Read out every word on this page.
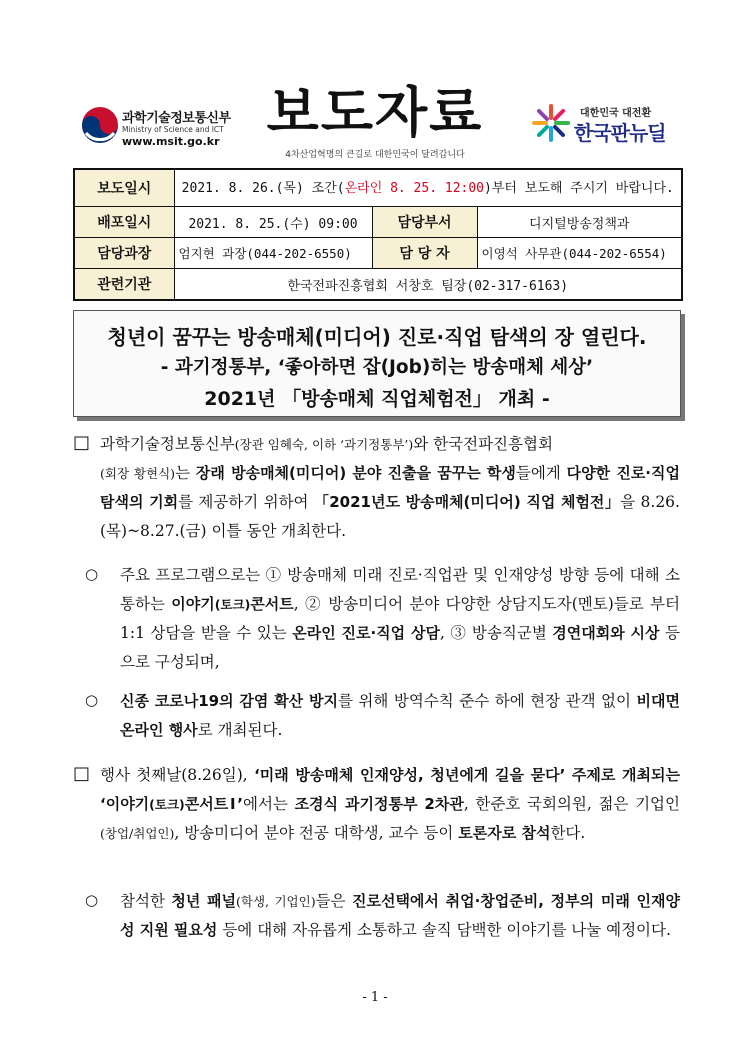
과학기술정보통신부
Ministry of Science and ICT
www.msit.go.kr 보도자료
4차산업혁명의 큰길로 대한민국이 달려갑니다
대한민국 대전환
한국판뉴딜
보도일시	2021. 8. 26.(목) 조간(온라인 8. 25. 12:00)부터 보도해 주시기 바랍니다.		
배포일시	2021. 8. 25.(수) 09:00	담당부서	디지털방송정책과
담당과장	엄지현 과장(044-202-6550)	담 당 자	이영석 사무관(044-202-6554)
관련기관	한국전파진흥협회 서창호 팀장(02-317-6163)		
청년이 꿈꾸는 방송매체(미디어) 진로·직업 탐색의 장 열린다.
- 과기정통부, ‘좋아하면 잡(Job)히는 방송매체 세상’
2021년 「방송매체 직업체험전」 개최 -
□ 과학기술정보통신부(장관 임혜숙, 이하 ‘과기정통부’)와 한국전파진흥협회
(회장 황현식)는 장래 방송매체(미디어) 분야 진출을 꿈꾸는 학생들에게 다양한 진로·직업 탐색의 기회를 제공하기 위하여 「2021년도 방송매체(미디어) 직업 체험전」을 8.26.(목)~8.27.(금) 이틀 동안 개최한다.
○ 주요 프로그램으로는 ① 방송매체 미래 진로·직업관 및 인재양성 방향 등에 대해 소통하는 이야기(토크)콘서트, ② 방송미디어 분야 다양한 상담지도자(멘토)들로 부터 1:1 상담을 받을 수 있는 온라인 진로·직업 상담, ③ 방송직군별 경연대회와 시상 등으로 구성되며,
○ 신종 코로나19의 감염 확산 방지를 위해 방역수칙 준수 하에 현장 관객 없이 비대면 온라인 행사로 개최된다.
□ 행사 첫째날(8.26일), ‘미래 방송매체 인재양성, 청년에게 길을 묻다’ 주제로 개최되는 ‘이야기(토크)콘서트Ⅰ’에서는 조경식 과기정통부 2차관, 한준호 국회의원, 젊은 기업인(창업/취업인), 방송미디어 분야 전공 대학생, 교수 등이 토론자로 참석한다.
○ 참석한 청년 패널(학생, 기업인)들은 진로선택에서 취업·창업준비, 정부의 미래 인재양성 지원 필요성 등에 대해 자유롭게 소통하고 솔직 담백한 이야기를 나눌 예정이다.
- 1 -
